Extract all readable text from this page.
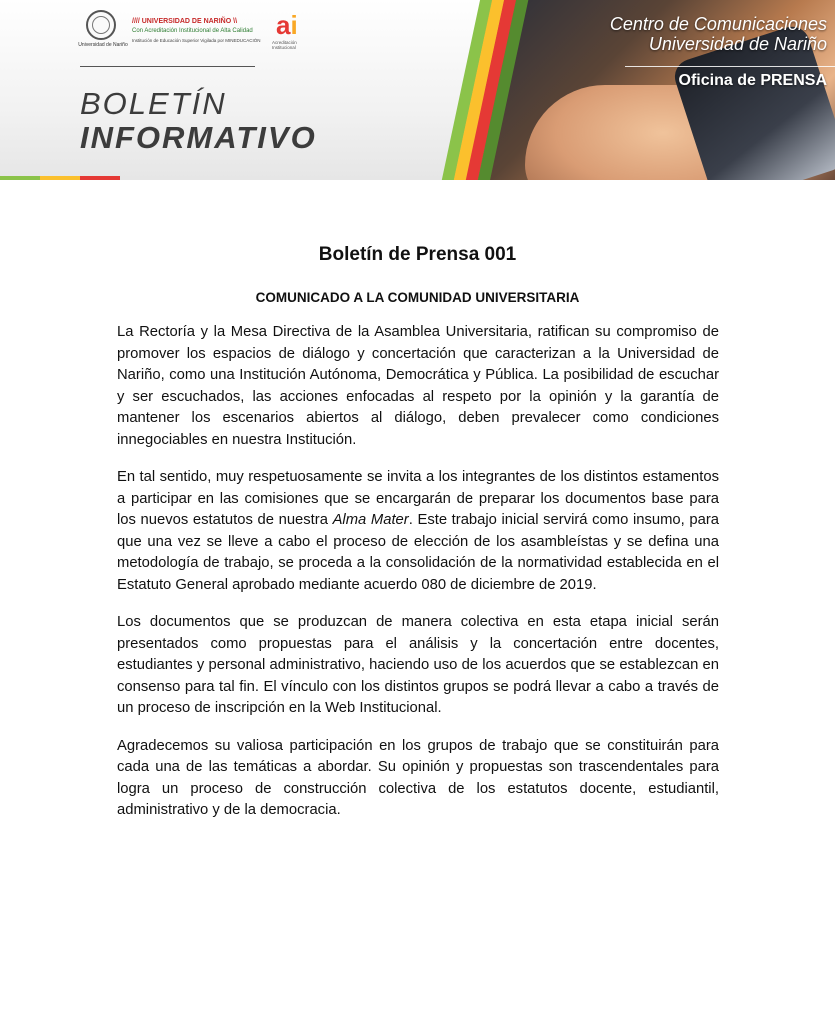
Universidad de Nariño
//// UNIVERSIDAD DE NARIÑO \\
Con Acreditación Institucional de Alta Calidad
Institución de Educación Superior Vigilada por MINEDUCACIÓN
ai
Acreditación Institucional
BOLETÍN
INFORMATIVO
Centro de Comunicaciones
Universidad de Nariño
Oficina de PRENSA
Boletín de Prensa 001
COMUNICADO A LA COMUNIDAD UNIVERSITARIA

La Rectoría y la Mesa Directiva de la Asamblea Universitaria, ratifican su compromiso de promover los espacios de diálogo y concertación que caracterizan a la Universidad de Nariño, como una Institución Autónoma, Democrática y Pública. La posibilidad de escuchar y ser escuchados, las acciones enfocadas al respeto por la opinión y la garantía de mantener los escenarios abiertos al diálogo, deben prevalecer como condiciones innegociables en nuestra Institución.

En tal sentido, muy respetuosamente se invita a los integrantes de los distintos estamentos a participar en las comisiones que se encargarán de preparar los documentos base para los nuevos estatutos de nuestra Alma Mater. Este trabajo inicial servirá como insumo, para que una vez se lleve a cabo el proceso de elección de los asambleístas y se defina una metodología de trabajo, se proceda a la consolidación de la normatividad establecida en el Estatuto General aprobado mediante acuerdo 080 de diciembre de 2019.

Los documentos que se produzcan de manera colectiva en esta etapa inicial serán presentados como propuestas para el análisis y la concertación entre docentes, estudiantes y personal administrativo, haciendo uso de los acuerdos que se establezcan en consenso para tal fin. El vínculo con los distintos grupos se podrá llevar a cabo a través de un proceso de inscripción en la Web Institucional.

Agradecemos su valiosa participación en los grupos de trabajo que se constituirán para cada una de las temáticas a abordar. Su opinión y propuestas son trascendentales para logra un proceso de construcción colectiva de los estatutos docente, estudiantil, administrativo y de la democracia.
